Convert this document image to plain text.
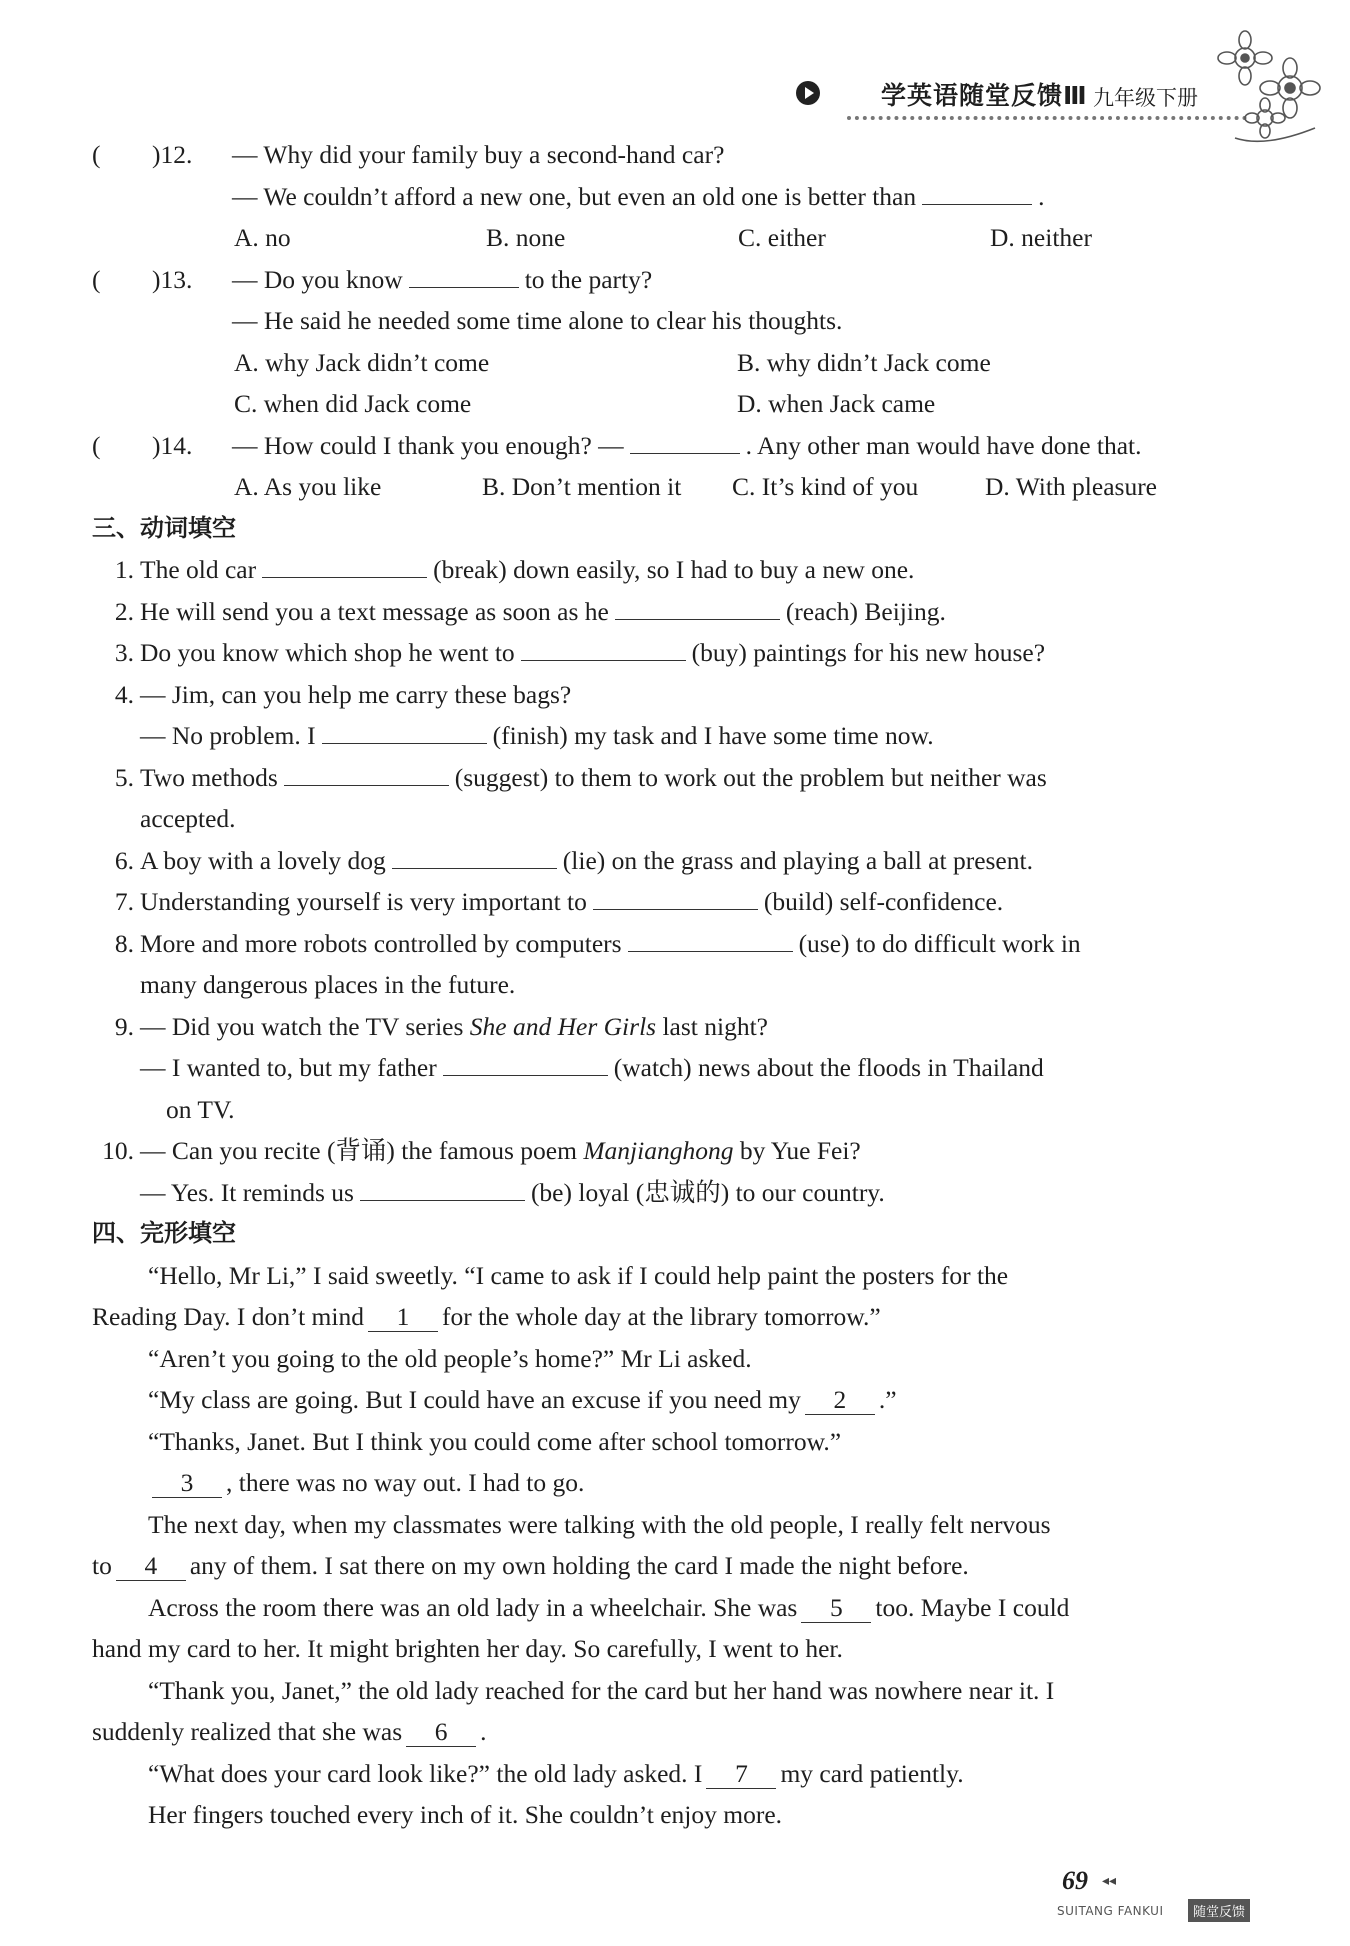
学英语随堂反馈Ⅲ 九年级下册
( )12. — Why did your family buy a second-hand car?
— We couldn’t afford a new one, but even an old one is better than	.
A. no	B. none	C. either	D. neither
( )13. — Do you know	to the party?
— He said he needed some time alone to clear his thoughts.
A. why Jack didn’t come	B. why didn’t Jack come
C. when did Jack come	D. when Jack came
( )14. — How could I thank you enough? —	. Any other man would have done that.
A. As you like	B. Don’t mention it C. It’s kind of you	D. With pleasure
三、动词填空
1. The old car	(break) down easily, so I had to buy a new one.
2. He will send you a text message as soon as he	(reach) Beijing.
3. Do you know which shop he went to	(buy) paintings for his new house?
4. — Jim, can you help me carry these bags?
— No problem. I	(finish) my task and I have some time now.
5. Two methods	(suggest) to them to work out the problem but neither was
accepted.
6. A boy with a lovely dog	(lie) on the grass and playing a ball at present.
7. Understanding yourself is very important to	(build) self-confidence.
8. More and more robots controlled by computers	(use) to do difficult work in
many dangerous places in the future.
9. — Did you watch the TV series She and Her Girls last night?
— I wanted to, but my father	(watch) news about the floods in Thailand
on TV.
10. — Can you recite (背诵) the famous poem Manjianghong by Yue Fei?
— Yes. It reminds us	(be) loyal (忠诚的) to our country.
四、完形填空
“Hello, Mr Li,” I said sweetly. “I came to ask if I could help paint the posters for the
Reading Day. I don’t mind 1 for the whole day at the library tomorrow.”
“Aren’t you going to the old people’s home?” Mr Li asked.
“My class are going. But I could have an excuse if you need my 2 .”
“Thanks, Janet. But I think you could come after school tomorrow.”
3 , there was no way out. I had to go.
The next day, when my classmates were talking with the old people, I really felt nervous
to 4 any of them. I sat there on my own holding the card I made the night before.
Across the room there was an old lady in a wheelchair. She was 5 too. Maybe I could
hand my card to her. It might brighten her day. So carefully, I went to her.
“Thank you, Janet,” the old lady reached for the card but her hand was nowhere near it. I
suddenly realized that she was 6 .
“What does your card look like?” the old lady asked. I 7 my card patiently.
Her fingers touched every inch of it. She couldn’t enjoy more.
69 ◂◂
SUITANG FANKUI	随堂反馈
